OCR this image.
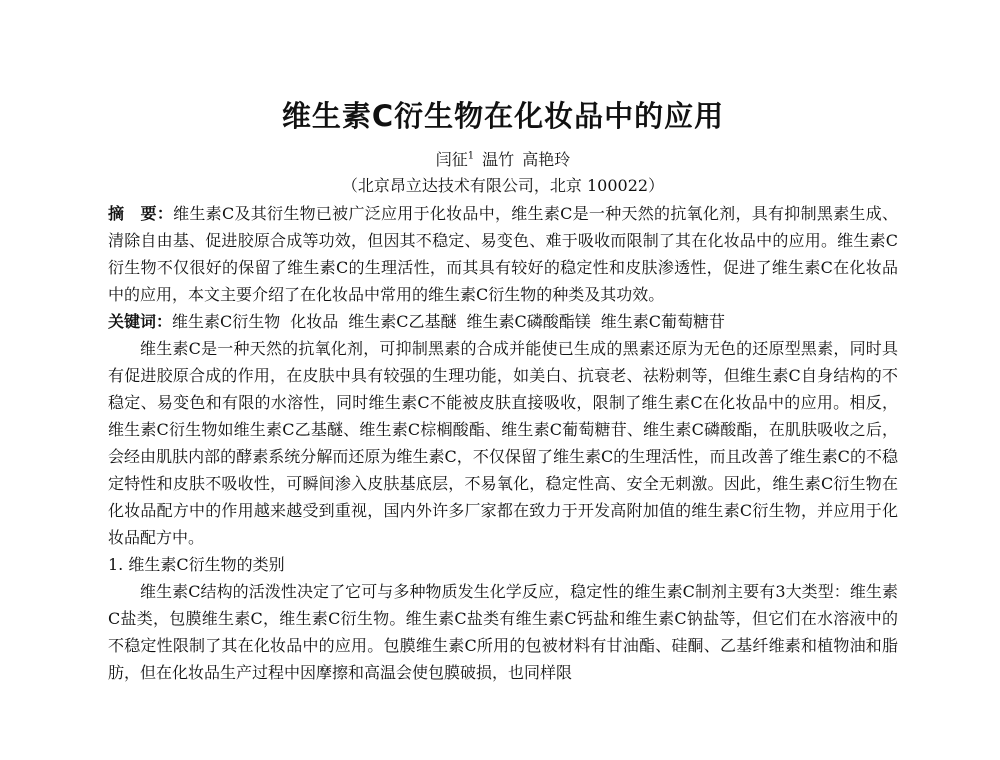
维生素C衍生物在化妆品中的应用

闫征$^1$ 温竹 高艳玲

（北京昂立达技术有限公司，北京 100022）

摘　要：维生素C及其衍生物已被广泛应用于化妆品中，维生素C是一种天然的抗氧化剂，具有抑制黑素生成、清除自由基、促进胶原合成等功效，但因其不稳定、易变色、难于吸收而限制了其在化妆品中的应用。维生素C衍生物不仅很好的保留了维生素C的生理活性，而其具有较好的稳定性和皮肤渗透性，促进了维生素C在化妆品中的应用，本文主要介绍了在化妆品中常用的维生素C衍生物的种类及其功效。

关键词：维生素C衍生物 化妆品 维生素C乙基醚 维生素C磷酸酯镁 维生素C葡萄糖苷

维生素C是一种天然的抗氧化剂，可抑制黑素的合成并能使已生成的黑素还原为无色的还原型黑素，同时具有促进胶原合成的作用，在皮肤中具有较强的生理功能，如美白、抗衰老、祛粉刺等，但维生素C自身结构的不稳定、易变色和有限的水溶性，同时维生素C不能被皮肤直接吸收，限制了维生素C在化妆品中的应用。相反，维生素C衍生物如维生素C乙基醚、维生素C棕榈酸酯、维生素C葡萄糖苷、维生素C磷酸酯，在肌肤吸收之后，会经由肌肤内部的酵素系统分解而还原为维生素C，不仅保留了维生素C的生理活性，而且改善了维生素C的不稳定特性和皮肤不吸收性，可瞬间渗入皮肤基底层，不易氧化，稳定性高、安全无刺激。因此，维生素C衍生物在化妆品配方中的作用越来越受到重视，国内外许多厂家都在致力于开发高附加值的维生素C衍生物，并应用于化妆品配方中。

1. 维生素C衍生物的类别

维生素C结构的活泼性决定了它可与多种物质发生化学反应，稳定性的维生素C制剂主要有3大类型：维生素C盐类，包膜维生素C，维生素C衍生物。维生素C盐类有维生素C钙盐和维生素C钠盐等，但它们在水溶液中的不稳定性限制了其在化妆品中的应用。包膜维生素C所用的包被材料有甘油酯、硅酮、乙基纤维素和植物油和脂肪，但在化妆品生产过程中因摩擦和高温会使包膜破损，也同样限
